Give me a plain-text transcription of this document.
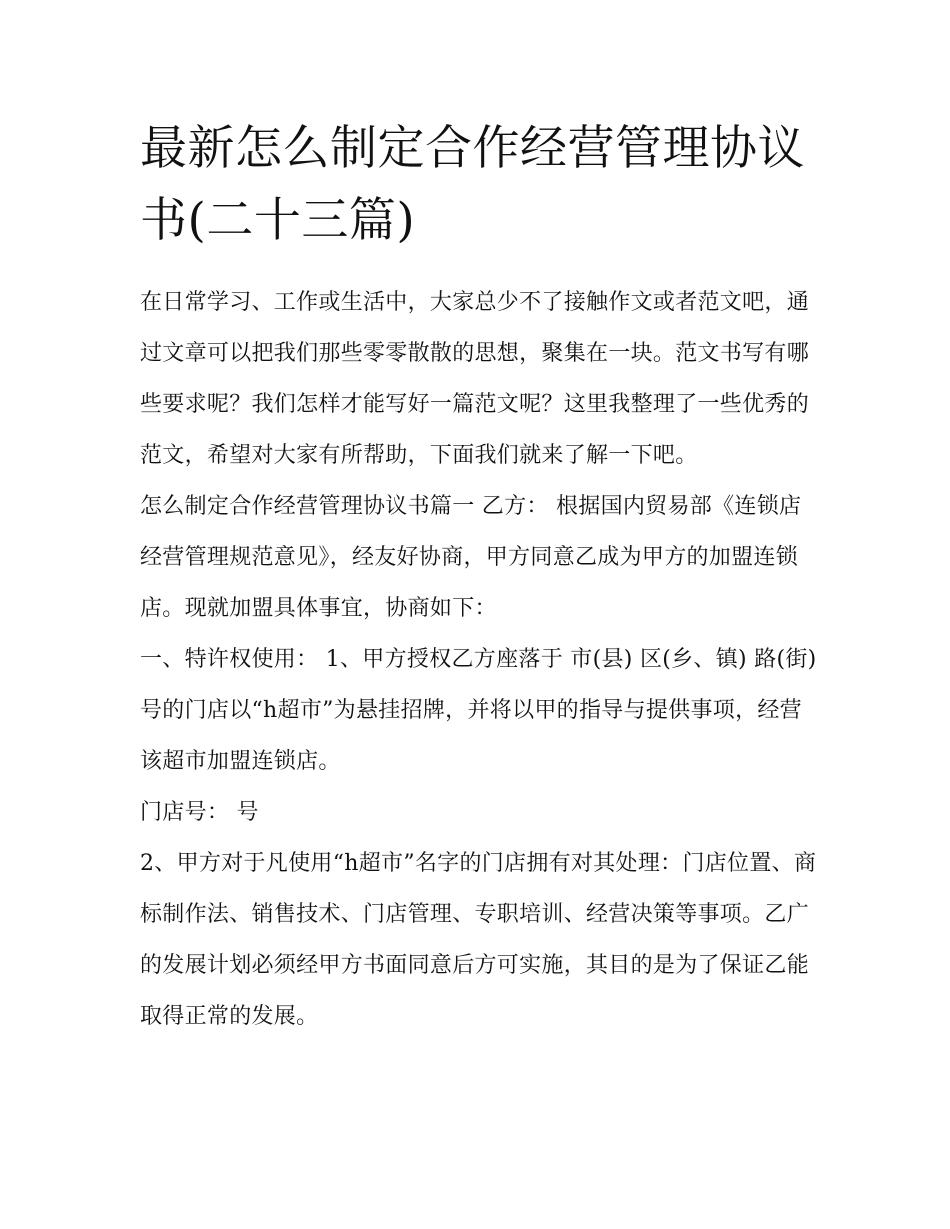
最新怎么制定合作经营管理协议书(二十三篇)

在日常学习、工作或生活中，大家总少不了接触作文或者范文吧，通过文章可以把我们那些零零散散的思想，聚集在一块。范文书写有哪些要求呢？我们怎样才能写好一篇范文呢？这里我整理了一些优秀的范文，希望对大家有所帮助，下面我们就来了解一下吧。

怎么制定合作经营管理协议书篇一 乙方： 根据国内贸易部《连锁店经营管理规范意见》，经友好协商，甲方同意乙成为甲方的加盟连锁店。现就加盟具体事宜，协商如下：

一、特许权使用： 1、甲方授权乙方座落于 市(县) 区(乡、镇) 路(街) 号的门店以“h超市”为悬挂招牌，并将以甲的指导与提供事项，经营该超市加盟连锁店。

门店号： 号

2、甲方对于凡使用“h超市”名字的门店拥有对其处理：门店位置、商标制作法、销售技术、门店管理、专职培训、经营决策等事项。乙广的发展计划必须经甲方书面同意后方可实施，其目的是为了保证乙能取得正常的发展。
